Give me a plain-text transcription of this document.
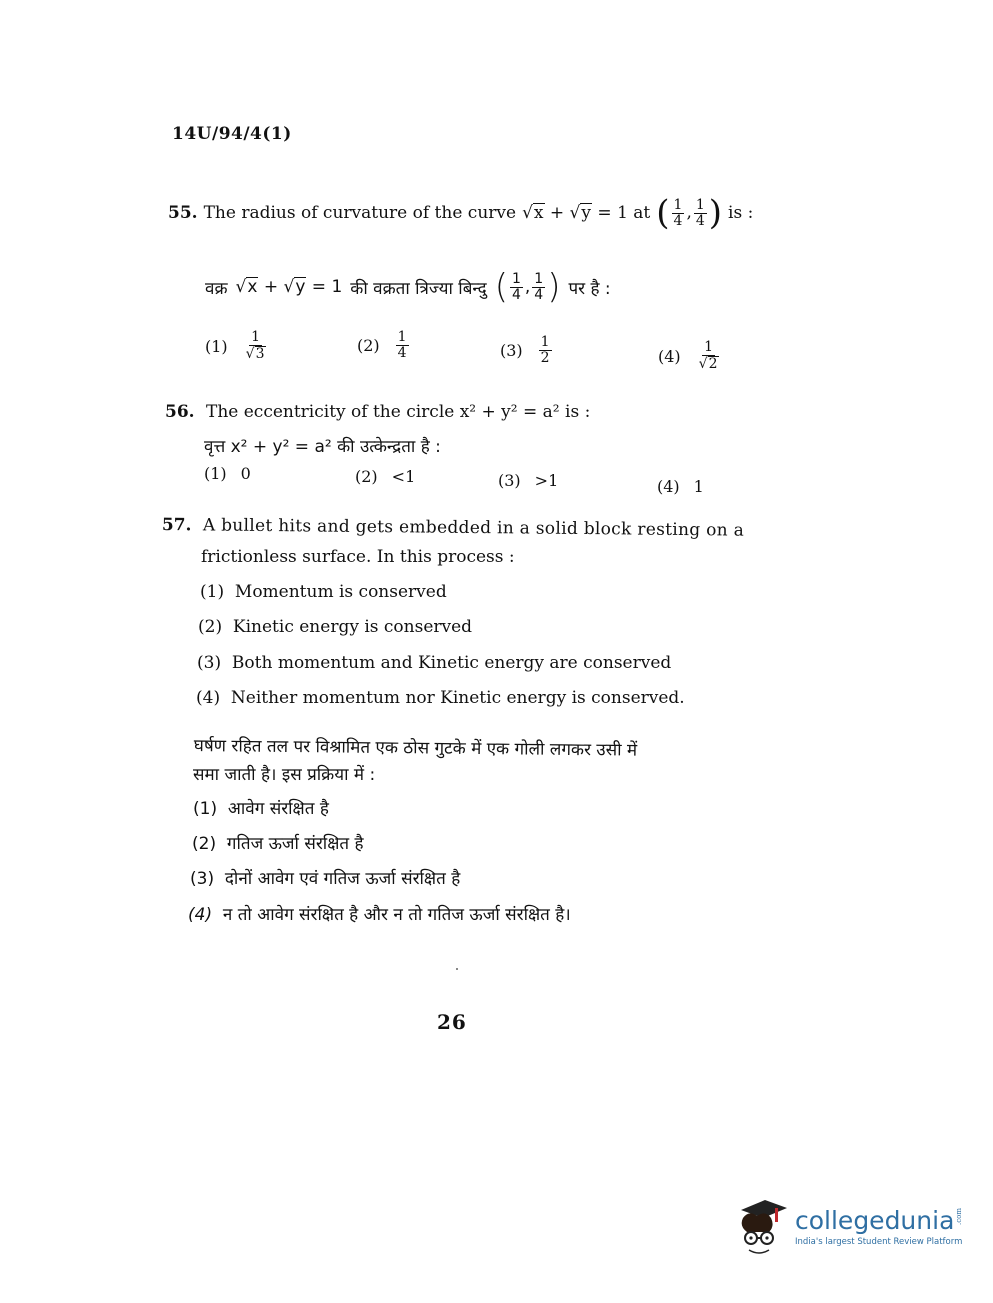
14U/94/4(1)
55. The radius of curvature of the curve √x + √y = 1 at ( $\frac{1}{4}$ , $\frac{1}{4}$ ) is :
वक्र √x + √y = 1 की वक्रता त्रिज्या बिन्दु ( $\frac{1}{4}$ , $\frac{1}{4}$ ) पर है :
$(1) \frac{1}{√3}$	$(2) \frac{1}{4}$	$(3) \frac{1}{2}$	$(4) \frac{1}{√2}$
56. The eccentricity of the circle x² + y² = a² is :
वृत्त x² + y² = a² की उत्केन्द्रता है :
(1) 0	(2) <1	(3) >1	(4) 1
57. A bullet hits and gets embedded in a solid block resting on a
frictionless surface. In this process :
(1) Momentum is conserved
(2) Kinetic energy is conserved
(3) Both momentum and Kinetic energy are conserved
(4) Neither momentum nor Kinetic energy is conserved.
घर्षण रहित तल पर विश्रामित एक ठोस गुटके में एक गोली लगकर उसी में
समा जाती है। इस प्रक्रिया में :
(1) आवेग संरक्षित है
(2) गतिज ऊर्जा संरक्षित है
(3) दोनों आवेग एवं गतिज ऊर्जा संरक्षित है
(4) न तो आवेग संरक्षित है और न तो गतिज ऊर्जा संरक्षित है।
26
collegedunia .com
India's largest Student Review Platform
